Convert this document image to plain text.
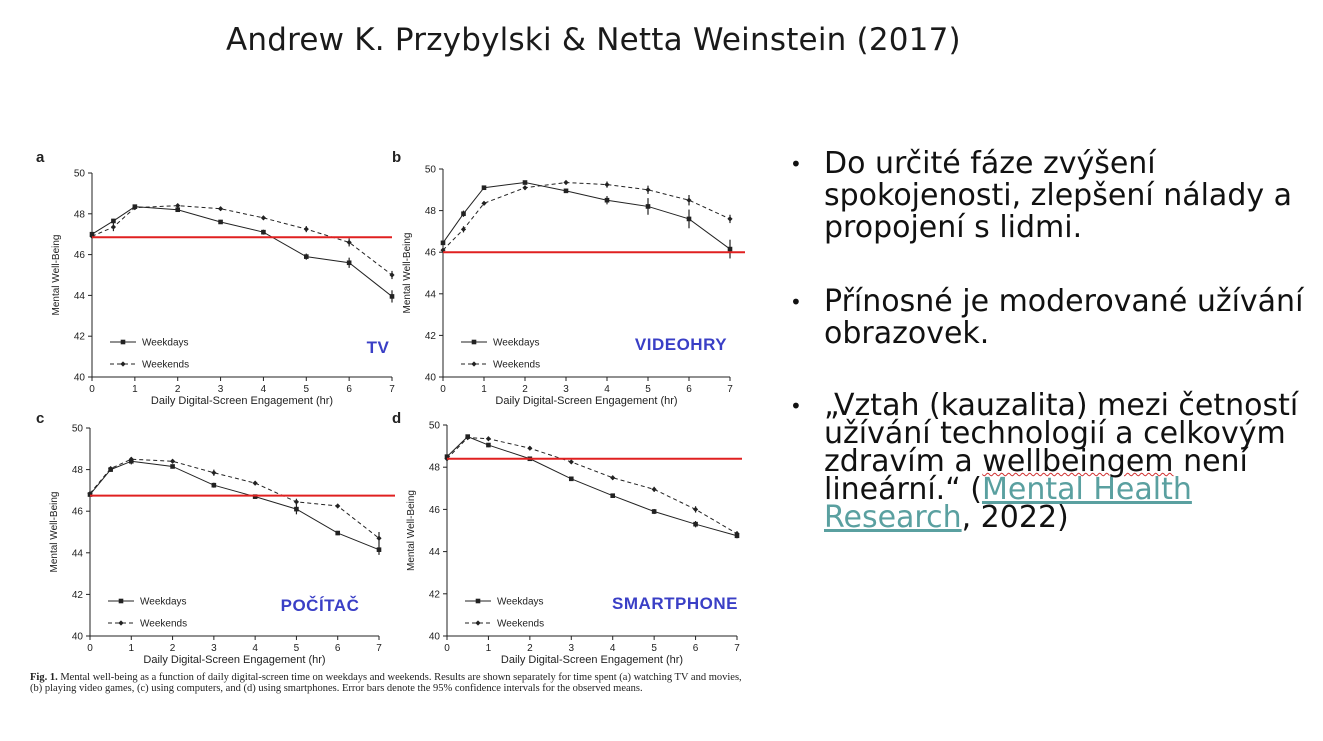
Andrew K. Przybylski & Netta Weinstein (2017)
a
40
42
44
46
48
50
0	1	2	3	4	5	6	7
Daily Digital-Screen Engagement (hr)
Mental Well-Being
Weekdays
Weekends
TV
b
40
42
44
46
48
50
0	1	2	3	4	5	6	7
Daily Digital-Screen Engagement (hr)
Mental Well-Being
Weekdays
Weekends
VIDEOHRY
c
40
42
44
46
48
50
0	1	2	3	4	5	6	7
Daily Digital-Screen Engagement (hr)
Mental Well-Being
Weekdays
Weekends
POČÍTAČ
d
40
42
44
46
48
50
0	1	2	3	4	5	6	7
Daily Digital-Screen Engagement (hr)
Mental Well-Being
Weekdays
Weekends
SMARTPHONE
Fig. 1. Mental well-being as a function of daily digital-screen time on weekdays and weekends. Results are shown separately for time spent (a) watching TV and movies, (b) playing video games, (c) using computers, and (d) using smartphones. Error bars denote the 95% confidence intervals for the observed means.
• Do určité fáze zvýšení spokojenosti, zlepšení nálady a propojení s lidmi.
• Přínosné je moderované užívání obrazovek.
• „Vztah (kauzalita) mezi četností užívání technologií a celkovým zdravím a wellbeingem není lineární.“ (Mental Health Research, 2022)
